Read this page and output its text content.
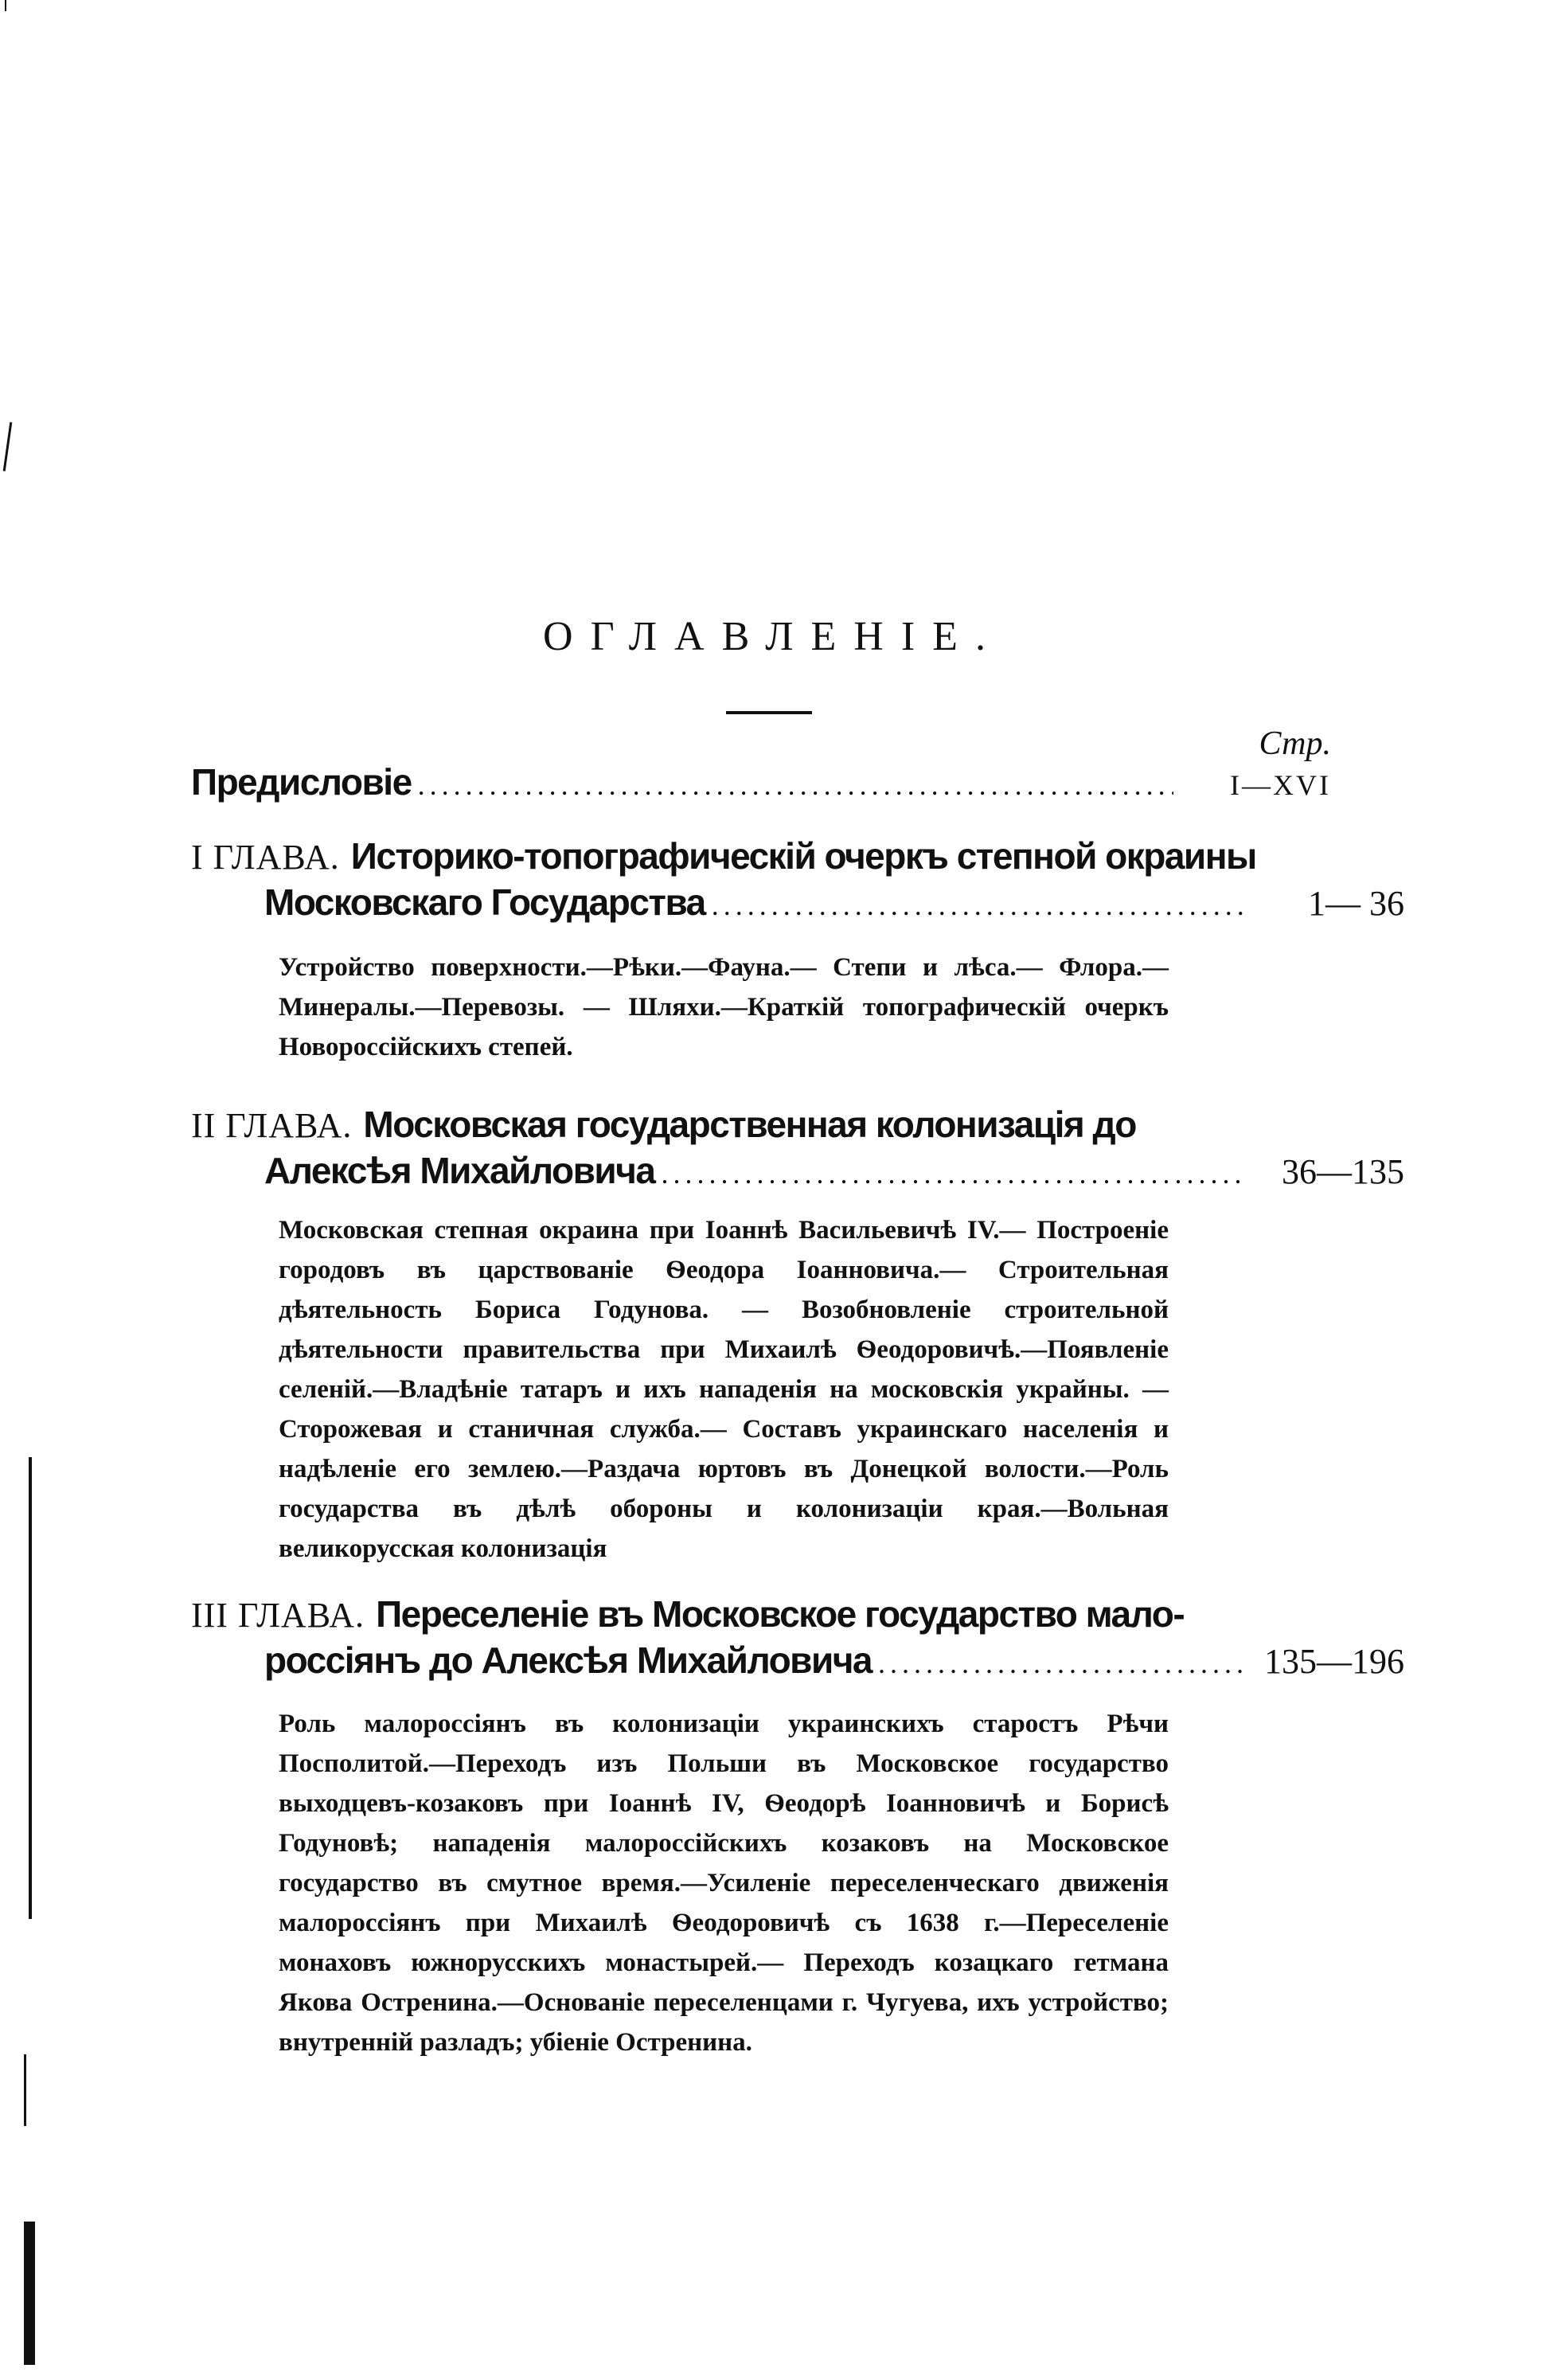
ОГЛАВЛЕНІЕ.
Стр.
Предисловіе .....	I—XVI
I ГЛАВА. Историко-топографическій очеркъ степной окраины
Московскаго Государства .....	1— 36
Устройство поверхности.—Рѣки.—Фауна.— Степи и лѣса.— Флора.—Минералы.—Перевозы. — Шляхи.—Краткій топографическій очеркъ Новороссійскихъ степей.
II ГЛАВА. Московская государственная колонизація до
Алексѣя Михайловича .....	36—135
Московская степная окраина при Іоаннѣ Васильевичѣ IV.— Построеніе городовъ въ царствованіе Ѳеодора Іоанновича.— Строительная дѣятельность Бориса Годунова. — Возобновленіе строительной дѣятельности правительства при Михаилѣ Ѳеодоровичѣ.—Появленіе селеній.—Владѣніе татаръ и ихъ нападенія на московскія украйны. — Сторожевая и станичная служба.— Составъ украинскаго населенія и надѣленіе его землею.—Раздача юртовъ въ Донецкой волости.—Роль государства въ дѣлѣ обороны и колонизаціи края.—Вольная великорусская колонизація
III ГЛАВА. Переселеніе въ Московское государство мало-
россіянъ до Алексѣя Михайловича .....	135—196
Роль малороссіянъ въ колонизаціи украинскихъ старостъ Рѣчи Посполитой.—Переходъ изъ Польши въ Московское государство выходцевъ-козаковъ при Іоаннѣ IV, Ѳеодорѣ Іоанновичѣ и Борисѣ Годуновѣ; нападенія малороссійскихъ козаковъ на Московское государство въ смутное время.—Усиленіе переселенческаго движенія малороссіянъ при Михаилѣ Ѳеодоровичѣ съ 1638 г.—Переселеніе монаховъ южнорусскихъ монастырей.— Переходъ козацкаго гетмана Якова Остренина.—Основаніе переселенцами г. Чугуева, ихъ устройство; внутренній разладъ; убіеніе Остренина.
